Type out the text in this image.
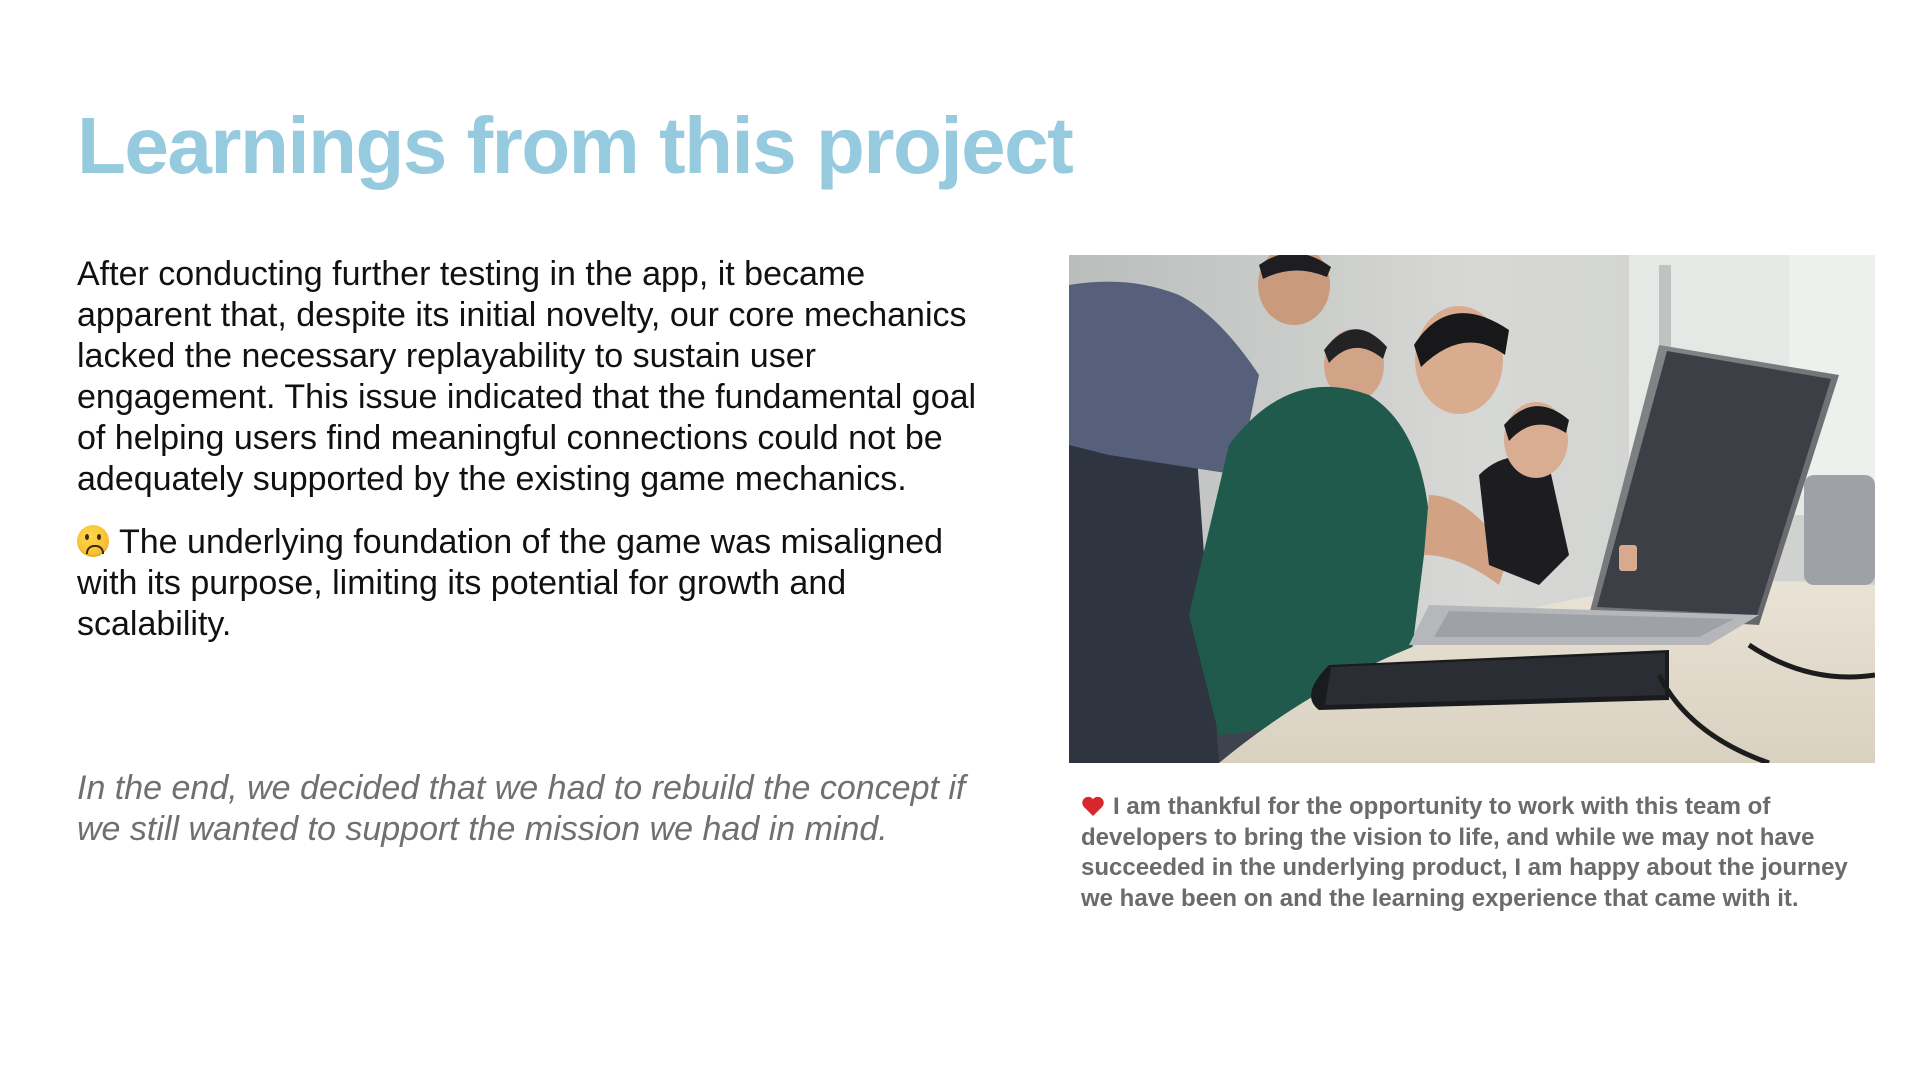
Learnings from this project

After conducting further testing in the app, it became apparent that, despite its initial novelty, our core mechanics lacked the necessary replayability to sustain user engagement. This issue indicated that the fundamental goal of helping users find meaningful connections could not be adequately supported by the existing game mechanics.

The underlying foundation of the game was misaligned with its purpose, limiting its potential for growth and scalability.

In the end, we decided that we had to rebuild the concept if we still wanted to support the mission we had in mind.

I am thankful for the opportunity to work with this team of developers to bring the vision to life, and while we may not have succeeded in the underlying product, I am happy about the journey we have been on and the learning experience that came with it.
